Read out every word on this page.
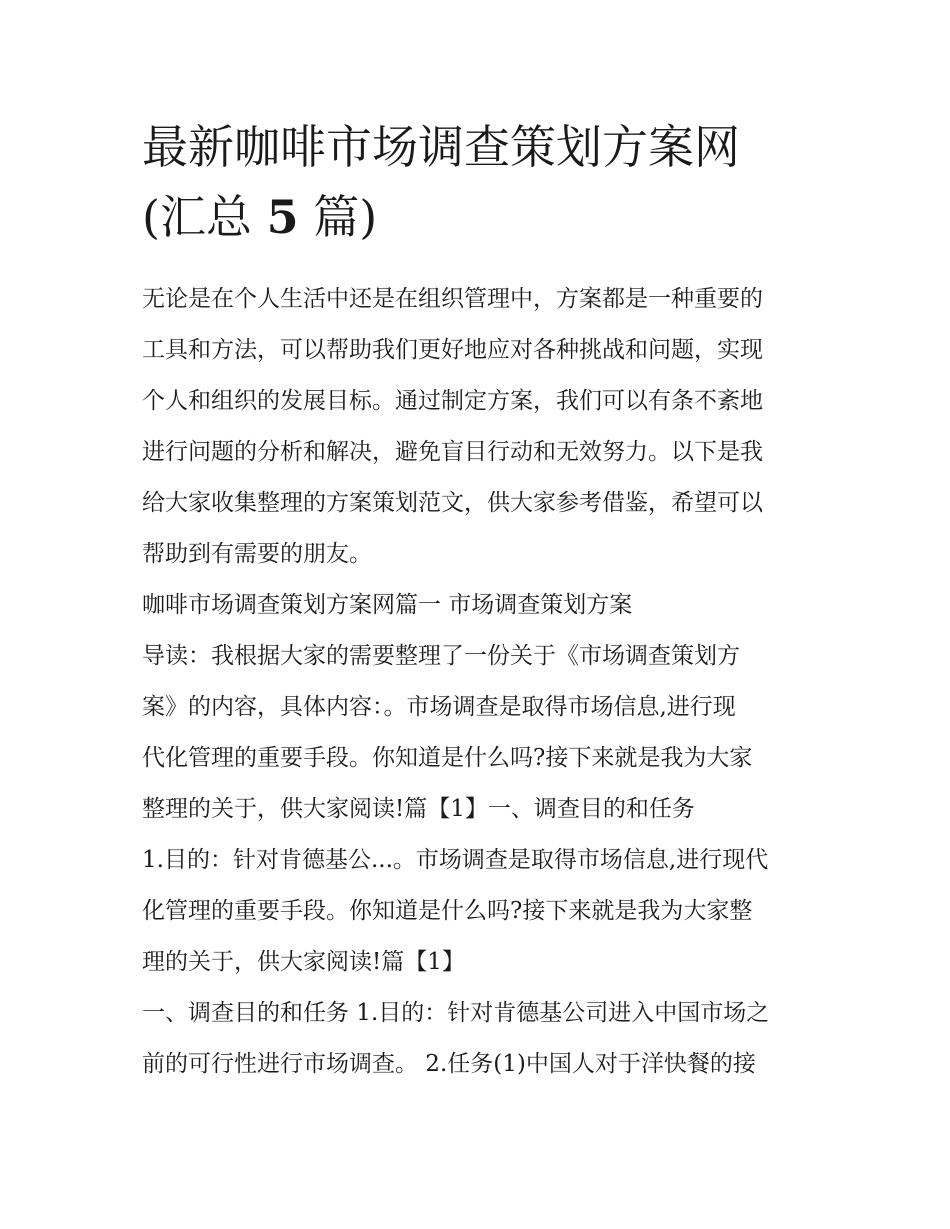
最新咖啡市场调查策划方案网
(汇总 5 篇)
无论是在个人生活中还是在组织管理中，方案都是一种重要的
工具和方法，可以帮助我们更好地应对各种挑战和问题，实现
个人和组织的发展目标。通过制定方案，我们可以有条不紊地
进行问题的分析和解决，避免盲目行动和无效努力。以下是我
给大家收集整理的方案策划范文，供大家参考借鉴，希望可以
帮助到有需要的朋友。
咖啡市场调查策划方案网篇一 市场调查策划方案
导读：我根据大家的需要整理了一份关于《市场调查策划方
案》的内容，具体内容：。市场调查是取得市场信息,进行现
代化管理的重要手段。你知道是什么吗?接下来就是我为大家
整理的关于，供大家阅读!篇【1】一、调查目的和任务
1.目的：针对肯德基公...。市场调查是取得市场信息,进行现代
化管理的重要手段。你知道是什么吗?接下来就是我为大家整
理的关于，供大家阅读!篇【1】
一、调查目的和任务 1.目的：针对肯德基公司进入中国市场之
前的可行性进行市场调查。 2.任务(1)中国人对于洋快餐的接
